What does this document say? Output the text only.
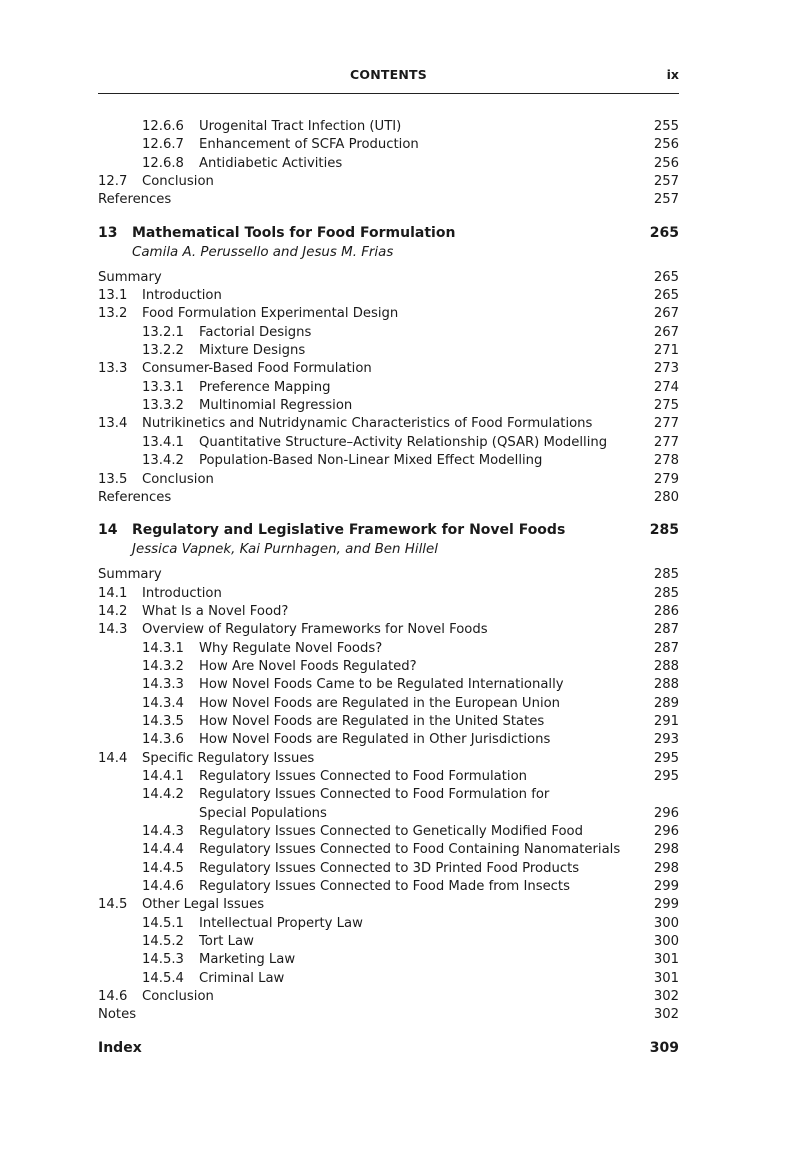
CONTENTS	ix
12.6.6 Urogenital Tract Infection (UTI)	255
12.6.7 Enhancement of SCFA Production	256
12.6.8 Antidiabetic Activities	256
12.7 Conclusion	257
References	257
13 Mathematical Tools for Food Formulation	265
Camila A. Perussello and Jesus M. Frias
Summary	265
13.1 Introduction	265
13.2 Food Formulation Experimental Design	267
13.2.1 Factorial Designs	267
13.2.2 Mixture Designs	271
13.3 Consumer-Based Food Formulation	273
13.3.1 Preference Mapping	274
13.3.2 Multinomial Regression	275
13.4 Nutrikinetics and Nutridynamic Characteristics of Food Formulations	277
13.4.1 Quantitative Structure–Activity Relationship (QSAR) Modelling	277
13.4.2 Population-Based Non-Linear Mixed Effect Modelling	278
13.5 Conclusion	279
References	280
14 Regulatory and Legislative Framework for Novel Foods	285
Jessica Vapnek, Kai Purnhagen, and Ben Hillel
Summary	285
14.1 Introduction	285
14.2 What Is a Novel Food?	286
14.3 Overview of Regulatory Frameworks for Novel Foods	287
14.3.1 Why Regulate Novel Foods?	287
14.3.2 How Are Novel Foods Regulated?	288
14.3.3 How Novel Foods Came to be Regulated Internationally	288
14.3.4 How Novel Foods are Regulated in the European Union	289
14.3.5 How Novel Foods are Regulated in the United States	291
14.3.6 How Novel Foods are Regulated in Other Jurisdictions	293
14.4 Specific Regulatory Issues	295
14.4.1 Regulatory Issues Connected to Food Formulation	295
14.4.2 Regulatory Issues Connected to Food Formulation for
Special Populations	296
14.4.3 Regulatory Issues Connected to Genetically Modified Food	296
14.4.4 Regulatory Issues Connected to Food Containing Nanomaterials	298
14.4.5 Regulatory Issues Connected to 3D Printed Food Products	298
14.4.6 Regulatory Issues Connected to Food Made from Insects	299
14.5 Other Legal Issues	299
14.5.1 Intellectual Property Law	300
14.5.2 Tort Law	300
14.5.3 Marketing Law	301
14.5.4 Criminal Law	301
14.6 Conclusion	302
Notes	302
Index	309
